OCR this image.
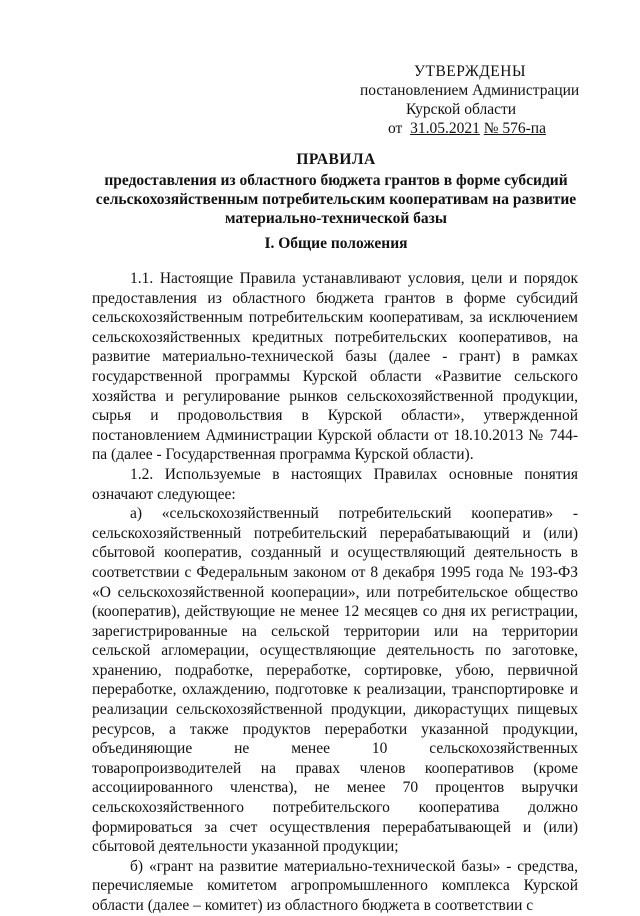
УТВЕРЖДЕНЫ
постановлением Администрации
Курской области
от 31.05.2021 № 576-па
ПРАВИЛА
предоставления из областного бюджета грантов в форме субсидий
сельскохозяйственным потребительским кооперативам на развитие
материально-технической базы
I. Общие положения

1.1. Настоящие Правила устанавливают условия, цели и порядок предоставления из областного бюджета грантов в форме субсидий сельскохозяйственным потребительским кооперативам, за исключением сельскохозяйственных кредитных потребительских кооперативов, на развитие материально-технической базы (далее - грант) в рамках государственной программы Курской области «Развитие сельского хозяйства и регулирование рынков сельскохозяйственной продукции, сырья и продовольствия в Курской области», утвержденной постановлением Администрации Курской области от 18.10.2013 № 744-па (далее - Государственная программа Курской области).

1.2. Используемые в настоящих Правилах основные понятия означают следующее:

а) «сельскохозяйственный потребительский кооператив» - сельскохозяйственный потребительский перерабатывающий и (или) сбытовой кооператив, созданный и осуществляющий деятельность в соответствии с Федеральным законом от 8 декабря 1995 года № 193-ФЗ «О сельскохозяйственной кооперации», или потребительское общество (кооператив), действующие не менее 12 месяцев со дня их регистрации, зарегистрированные на сельской территории или на территории сельской агломерации, осуществляющие деятельность по заготовке, хранению, подработке, переработке, сортировке, убою, первичной переработке, охлаждению, подготовке к реализации, транспортировке и реализации сельскохозяйственной продукции, дикорастущих пищевых ресурсов, а также продуктов переработки указанной продукции, объединяющие не менее 10 сельскохозяйственных товаропроизводителей на правах членов кооперативов (кроме ассоциированного членства), не менее 70 процентов выручки сельскохозяйственного потребительского кооператива должно формироваться за счет осуществления перерабатывающей и (или) сбытовой деятельности указанной продукции;

б) «грант на развитие материально-технической базы» - средства, перечисляемые комитетом агропромышленного комплекса Курской области (далее – комитет) из областного бюджета в соответствии с
